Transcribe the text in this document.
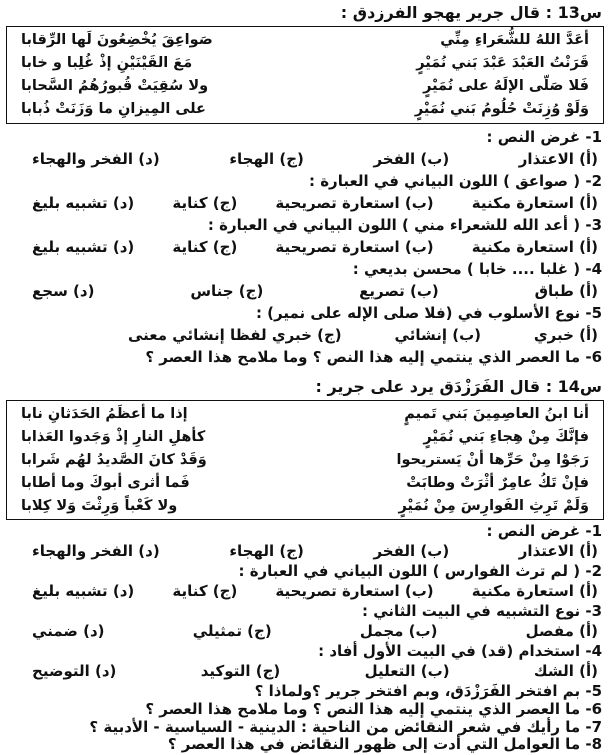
س13 : قال جرير يهجو الفرزدق :
أعَدَّ اللهُ للشُّعَراءِ مِنِّي
صَواعِقَ يُخْضِعُونَ لَها الرِّقابا
قَرَنْتُ العَبْدَ عَبْدَ بَني نُمَيْرٍ
مَعَ القَيْنَيْنِ إذْ غُلِبا و خابا
فَلا صَلّى الإلَهُ على نُمَيْرٍ
ولا سُقِيَتْ قُبورُهُمُ السَّحابا
وَلَوْ وُزِنَتْ حُلُومُ بَني نُمَيْرٍ
على المِيزانِ ما وَزَنَتْ ذُبابا
1- غرض النص :
(أ) الاعتذار
(ب) الفخر
(ج) الهجاء
(د) الفخر والهجاء
2- ( صواعق ) اللون البياني في العبارة :
(أ) استعارة مكنية
(ب) استعارة تصريحية
(ج) كناية
(د) تشبيه بليغ
3- ( أعد الله للشعراء مني ) اللون البياني في العبارة :
(أ) استعارة مكنية
(ب) استعارة تصريحية
(ج) كناية
(د) تشبيه بليغ
4- ( غلبا .... خابا ) محسن بديعي :
(أ) طباق
(ب) تصريع
(ج) جناس
(د) سجع
5- نوع الأسلوب في (فلا صلى الإله على نمير) :
(أ) خبري
(ب) إنشائي
(ج) خبري لفظا إنشائي معنى
6- ما العصر الذي ينتمي إليه هذا النص ؟ وما ملامح هذا العصر ؟
س14 : قال الفَرَزْدَق يرد على جرير :
أنا ابنُ العاصِمِينَ بَني تَميمٍ
إذا ما أعظَمُ الحَدَثانِ نابا
فإنَّكَ مِنْ هِجاءِ بَني نُمَيْرٍ
كأهلِ النارِ إذْ وَجَدوا العَذابا
رَجَوْا مِنْ حَرِّها أنْ يَستريحوا
وَقَدْ كانَ الصَّديدُ لهُم شَرابا
فإنْ تَكُ عامِرٌ أثْرَتْ وطابَتْ
فَما أثرى أبوكَ وما أطابا
وَلَمْ تَرِثِ الفَوارِسَ مِنْ نُمَيْرٍ
ولا كَعْباً وَرِثْتَ وَلا كِلابا
1- غرض النص :
(أ) الاعتذار
(ب) الفخر
(ج) الهجاء
(د) الفخر والهجاء
2- ( لم ترث الفوارس ) اللون البياني في العبارة :
(أ) استعارة مكنية
(ب) استعارة تصريحية
(ج) كناية
(د) تشبيه بليغ
3- نوع التشبيه في البيت الثاني :
(أ) مفصل
(ب) مجمل
(ج) تمثيلي
(د) ضمني
4- استخدام (قد) في البيت الأول أفاد :
(أ) الشك
(ب) التعليل
(ج) التوكيد
(د) التوضيح
5- بم افتخر الفَرَزْدَق، وبم افتخر جرير ؟ولماذا ؟
6- ما العصر الذي ينتمي إليه هذا النص ؟ وما ملامح هذا العصر ؟
7- ما رأيك في شعر النقائض من الناحية : الدينية - السياسية - الأدبية ؟
8- ما العوامل التي أدت إلى ظهور النقائض في هذا العصر ؟
